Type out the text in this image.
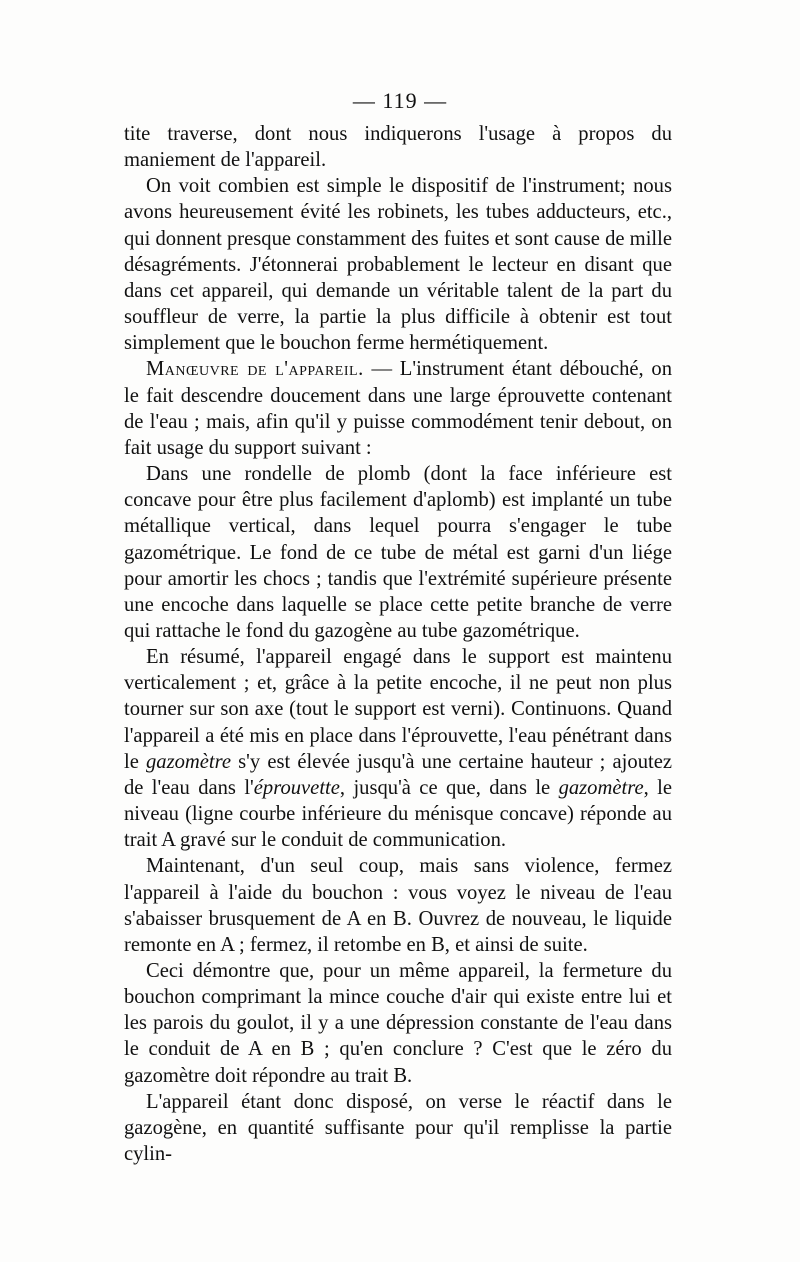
— 119 —

tite traverse, dont nous indiquerons l'usage à propos du maniement de l'appareil.

On voit combien est simple le dispositif de l'instrument; nous avons heureusement évité les robinets, les tubes adducteurs, etc., qui donnent presque constamment des fuites et sont cause de mille désagréments. J'étonnerai probablement le lecteur en disant que dans cet appareil, qui demande un véritable talent de la part du souffleur de verre, la partie la plus difficile à obtenir est tout simplement que le bouchon ferme hermétiquement.

Manœuvre de l'appareil. — L'instrument étant débouché, on le fait descendre doucement dans une large éprouvette contenant de l'eau ; mais, afin qu'il y puisse commodément tenir debout, on fait usage du support suivant :

Dans une rondelle de plomb (dont la face inférieure est concave pour être plus facilement d'aplomb) est implanté un tube métallique vertical, dans lequel pourra s'engager le tube gazométrique. Le fond de ce tube de métal est garni d'un liége pour amortir les chocs ; tandis que l'extrémité supérieure présente une encoche dans laquelle se place cette petite branche de verre qui rattache le fond du gazogène au tube gazométrique.

En résumé, l'appareil engagé dans le support est maintenu verticalement ; et, grâce à la petite encoche, il ne peut non plus tourner sur son axe (tout le support est verni). Continuons. Quand l'appareil a été mis en place dans l'éprouvette, l'eau pénétrant dans le gazomètre s'y est élevée jusqu'à une certaine hauteur ; ajoutez de l'eau dans l'éprouvette, jusqu'à ce que, dans le gazomètre, le niveau (ligne courbe inférieure du ménisque concave) réponde au trait A gravé sur le conduit de communication.

Maintenant, d'un seul coup, mais sans violence, fermez l'appareil à l'aide du bouchon : vous voyez le niveau de l'eau s'abaisser brusquement de A en B. Ouvrez de nouveau, le liquide remonte en A ; fermez, il retombe en B, et ainsi de suite.

Ceci démontre que, pour un même appareil, la fermeture du bouchon comprimant la mince couche d'air qui existe entre lui et les parois du goulot, il y a une dépression constante de l'eau dans le conduit de A en B ; qu'en conclure ? C'est que le zéro du gazomètre doit répondre au trait B.

L'appareil étant donc disposé, on verse le réactif dans le gazogène, en quantité suffisante pour qu'il remplisse la partie cylin-
